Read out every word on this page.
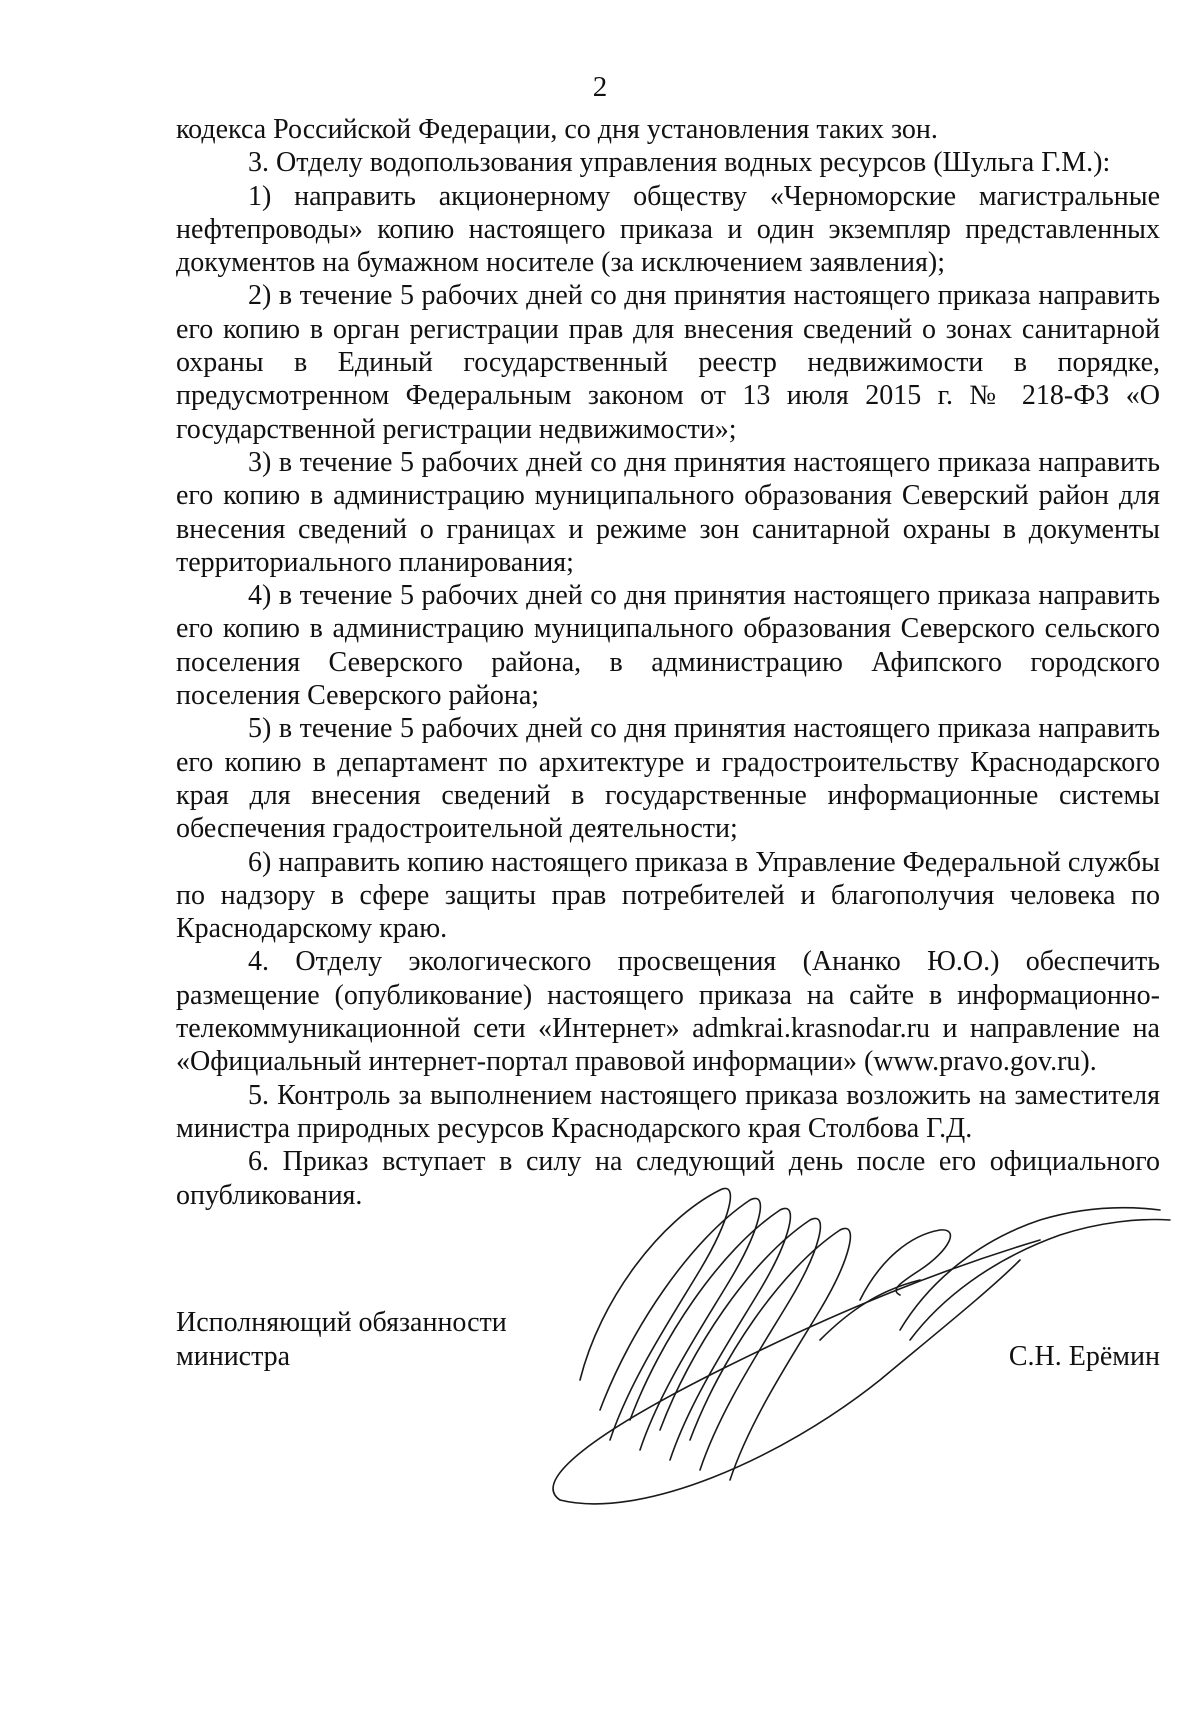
2

кодекса Российской Федерации, со дня установления таких зон.

3. Отделу водопользования управления водных ресурсов (Шульга Г.М.):

1) направить акционерному обществу «Черноморские магистральные нефтепроводы» копию настоящего приказа и один экземпляр представленных документов на бумажном носителе (за исключением заявления);

2) в течение 5 рабочих дней со дня принятия настоящего приказа направить его копию в орган регистрации прав для внесения сведений о зонах санитарной охраны в Единый государственный реестр недвижимости в порядке, предусмотренном Федеральным законом от 13 июля 2015 г. № 218-ФЗ «О государственной регистрации недвижимости»;

3) в течение 5 рабочих дней со дня принятия настоящего приказа направить его копию в администрацию муниципального образования Северский район для внесения сведений о границах и режиме зон санитарной охраны в документы территориального планирования;

4) в течение 5 рабочих дней со дня принятия настоящего приказа направить его копию в администрацию муниципального образования Северского сельского поселения Северского района, в администрацию Афипского городского поселения Северского района;

5) в течение 5 рабочих дней со дня принятия настоящего приказа направить его копию в департамент по архитектуре и градостроительству Краснодарского края для внесения сведений в государственные информационные системы обеспечения градостроительной деятельности;

6) направить копию настоящего приказа в Управление Федеральной службы по надзору в сфере защиты прав потребителей и благополучия человека по Краснодарскому краю.

4. Отделу экологического просвещения (Ананко Ю.О.) обеспечить размещение (опубликование) настоящего приказа на сайте в информационно-телекоммуникационной сети «Интернет» admkrai.krasnodar.ru и направление на «Официальный интернет-портал правовой информации» (www.pravo.gov.ru).

5. Контроль за выполнением настоящего приказа возложить на заместителя министра природных ресурсов Краснодарского края Столбова Г.Д.

6. Приказ вступает в силу на следующий день после его официального опубликования.

Исполняющий обязанности
министра	С.Н. Ерёмин
